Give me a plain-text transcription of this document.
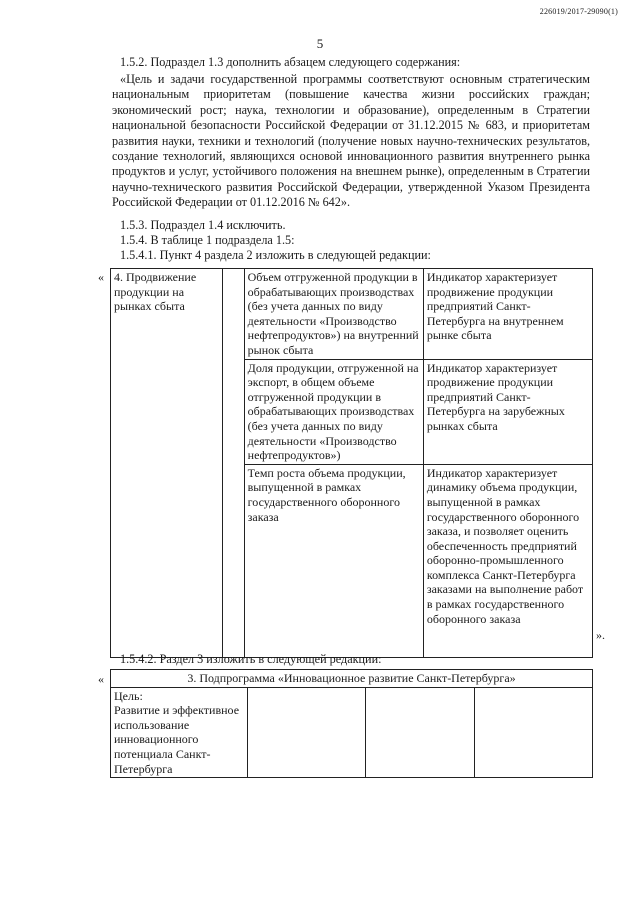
226019/2017-29090(1)
5

1.5.2. Подраздел 1.3 дополнить абзацем следующего содержания:

«Цель и задачи государственной программы соответствуют основным стратегическим национальным приоритетам (повышение качества жизни российских граждан; экономический рост; наука, технологии и образование), определенным в Стратегии национальной безопасности Российской Федерации от 31.12.2015 № 683, и приоритетам развития науки, техники и технологий (получение новых научно-технических результатов, создание технологий, являющихся основой инновационного развития внутреннего рынка продуктов и услуг, устойчивого положения на внешнем рынке), определенным в Стратегии научно-технического развития Российской Федерации, утвержденной Указом Президента Российской Федерации от 01.12.2016 № 642».

1.5.3. Подраздел 1.4 исключить.

1.5.4. В таблице 1 подраздела 1.5:

1.5.4.1. Пункт 4 раздела 2 изложить в следующей редакции:

« 4. Продвижение продукции на рынках сбыта		Объем отгруженной продукции в обрабатывающих производствах (без учета данных по виду деятельности «Производство нефтепродуктов») на внутренний рынок сбыта	Индикатор характеризует продвижение продукции предприятий Санкт-Петербурга на внутреннем рынке сбыта
		Доля продукции, отгруженной на экспорт, в общем объеме отгруженной продукции в обрабатывающих производствах (без учета данных по виду деятельности «Производство нефтепродуктов»)	Индикатор характеризует продвижение продукции предприятий Санкт-Петербурга на зарубежных рынках сбыта
		Темп роста объема продукции, выпущенной в рамках государственного оборонного заказа	Индикатор характеризует динамику объема продукции, выпущенной в рамках государственного оборонного заказа, и позволяет оценить обеспеченность предприятий оборонно-промышленного комплекса Санкт-Петербурга заказами на выполнение работ в рамках государственного оборонного заказа
».

1.5.4.2. Раздел 3 изложить в следующей редакции:

«	3. Подпрограмма «Инновационное развитие Санкт-Петербурга»

Цель:
Развитие и эффективное использование инновационного потенциала Санкт-Петербурга
